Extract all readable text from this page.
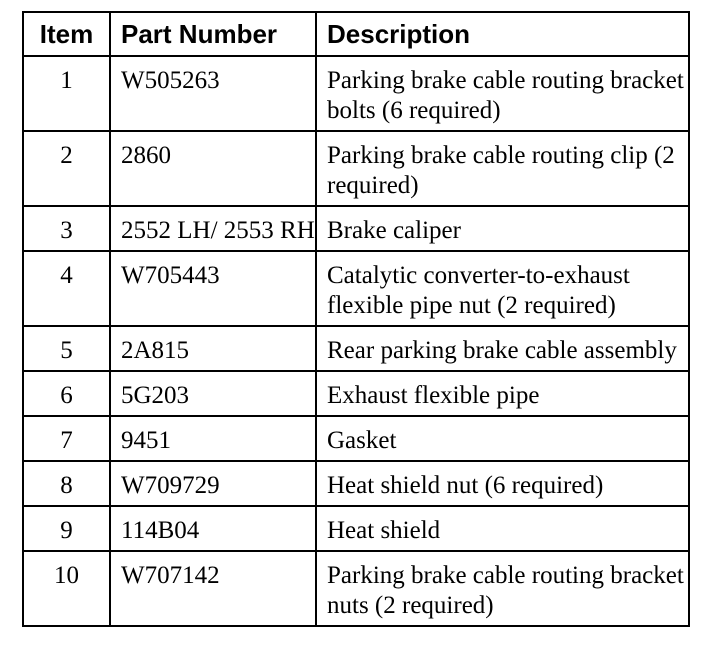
Item	Part Number	Description
1	W505263	Parking brake cable routing bracket bolts (6 required)
2	2860	Parking brake cable routing clip (2 required)
3	2552 LH/ 2553 RH	Brake caliper
4	W705443	Catalytic converter-to-exhaust flexible pipe nut (2 required)
5	2A815	Rear parking brake cable assembly
6	5G203	Exhaust flexible pipe
7	9451	Gasket
8	W709729	Heat shield nut (6 required)
9	114B04	Heat shield
10	W707142	Parking brake cable routing bracket nuts (2 required)
